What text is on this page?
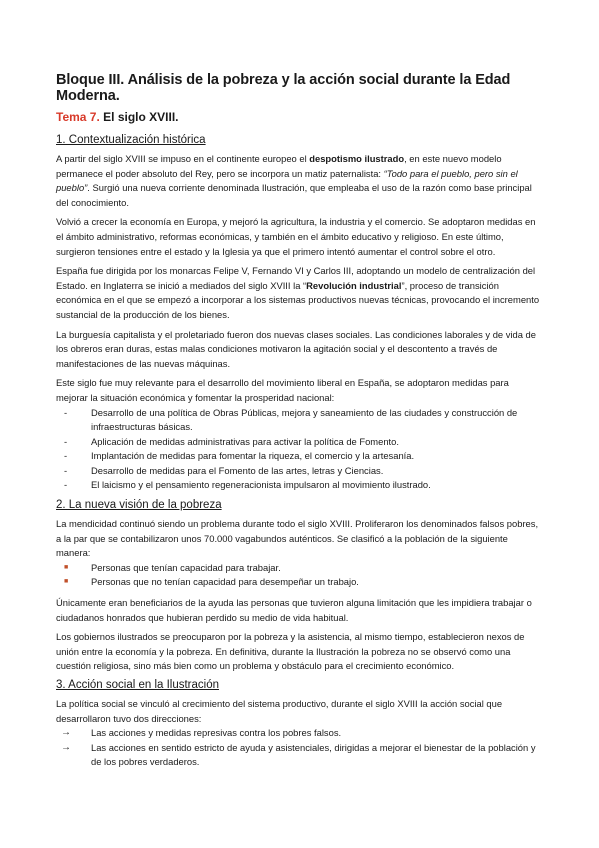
Bloque III. Análisis de la pobreza y la acción social durante la Edad Moderna.
Tema 7. El siglo XVIII.
1. Contextualización histórica

A partir del siglo XVIII se impuso en el continente europeo el despotismo ilustrado, en este nuevo modelo permanece el poder absoluto del Rey, pero se incorpora un matiz paternalista: “Todo para el pueblo, pero sin el pueblo”. Surgió una nueva corriente denominada Ilustración, que empleaba el uso de la razón como base principal del conocimiento.

Volvió a crecer la economía en Europa, y mejoró la agricultura, la industria y el comercio. Se adoptaron medidas en el ámbito administrativo, reformas económicas, y también en el ámbito educativo y religioso. En este último, surgieron tensiones entre el estado y la Iglesia ya que el primero intentó aumentar el control sobre el otro.

España fue dirigida por los monarcas Felipe V, Fernando VI y Carlos III, adoptando un modelo de centralización del Estado. en Inglaterra se inició a mediados del siglo XVIII la “Revolución industrial”, proceso de transición económica en el que se empezó a incorporar a los sistemas productivos nuevas técnicas, provocando el incremento sustancial de la producción de los bienes.

La burguesía capitalista y el proletariado fueron dos nuevas clases sociales. Las condiciones laborales y de vida de los obreros eran duras, estas malas condiciones motivaron la agitación social y el descontento a través de manifestaciones de las nuevas máquinas.

Este siglo fue muy relevante para el desarrollo del movimiento liberal en España, se adoptaron medidas para mejorar la situación económica y fomentar la prosperidad nacional:

-	Desarrollo de una política de Obras Públicas, mejora y saneamiento de las ciudades y construcción de infraestructuras básicas.
-	Aplicación de medidas administrativas para activar la política de Fomento.
-	Implantación de medidas para fomentar la riqueza, el comercio y la artesanía.
-	Desarrollo de medidas para el Fomento de las artes, letras y Ciencias.
-	El laicismo y el pensamiento regeneracionista impulsaron al movimiento ilustrado.
2. La nueva visión de la pobreza

La mendicidad continuó siendo un problema durante todo el siglo XVIII. Proliferaron los denominados falsos pobres, a la par que se contabilizaron unos 70.000 vagabundos auténticos. Se clasificó a la población de la siguiente manera:

■	Personas que tenían capacidad para trabajar.
■	Personas que no tenían capacidad para desempeñar un trabajo.

Únicamente eran beneficiarios de la ayuda las personas que tuvieron alguna limitación que les impidiera trabajar o ciudadanos honrados que hubieran perdido su medio de vida habitual.

Los gobiernos ilustrados se preocuparon por la pobreza y la asistencia, al mismo tiempo, establecieron nexos de unión entre la economía y la pobreza. En definitiva, durante la Ilustración la pobreza no se observó como una cuestión religiosa, sino más bien como un problema y obstáculo para el crecimiento económico.

3. Acción social en la Ilustración

La política social se vinculó al crecimiento del sistema productivo, durante el siglo XVIII la acción social que desarrollaron tuvo dos direcciones:

→	Las acciones y medidas represivas contra los pobres falsos.
→	Las acciones en sentido estricto de ayuda y asistenciales, dirigidas a mejorar el bienestar de la población y de los pobres verdaderos.
